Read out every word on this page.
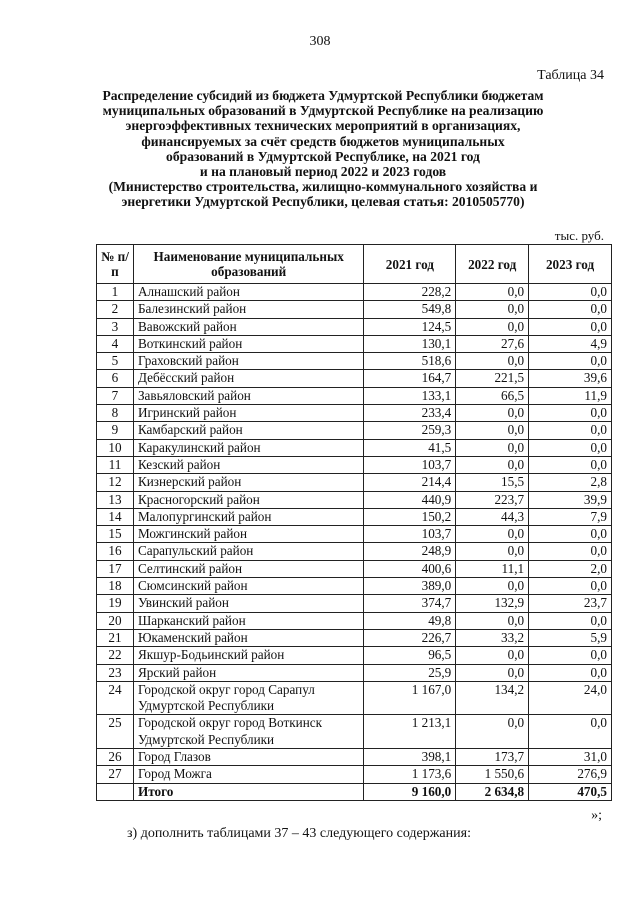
308
Таблица 34
Распределение субсидий из бюджета Удмуртской Республики бюджетам
муниципальных образований в Удмуртской Республике на реализацию
энергоэффективных технических мероприятий в организациях,
финансируемых за счёт средств бюджетов муниципальных
образований в Удмуртской Республике, на 2021 год
и на плановый период 2022 и 2023 годов
(Министерство строительства, жилищно-коммунального хозяйства и
энергетики Удмуртской Республики, целевая статья: 2010505770)
тыс. руб.
№ п/п	Наименование муниципальных образований	2021 год	2022 год	2023 год
1	Алнашский район	228,2	0,0	0,0
2	Балезинский район	549,8	0,0	0,0
3	Вавожский район	124,5	0,0	0,0
4	Воткинский район	130,1	27,6	4,9
5	Граховский район	518,6	0,0	0,0
6	Дебёсский район	164,7	221,5	39,6
7	Завьяловский район	133,1	66,5	11,9
8	Игринский район	233,4	0,0	0,0
9	Камбарский район	259,3	0,0	0,0
10	Каракулинский район	41,5	0,0	0,0
11	Кезский район	103,7	0,0	0,0
12	Кизнерский район	214,4	15,5	2,8
13	Красногорский район	440,9	223,7	39,9
14	Малопургинский район	150,2	44,3	7,9
15	Можгинский район	103,7	0,0	0,0
16	Сарапульский район	248,9	0,0	0,0
17	Селтинский район	400,6	11,1	2,0
18	Сюмсинский район	389,0	0,0	0,0
19	Увинский район	374,7	132,9	23,7
20	Шарканский район	49,8	0,0	0,0
21	Юкаменский район	226,7	33,2	5,9
22	Якшур-Бодьинский район	96,5	0,0	0,0
23	Ярский район	25,9	0,0	0,0
24	Городской округ город Сарапул Удмуртской Республики	1 167,0	134,2	24,0
25	Городской округ город Воткинск Удмуртской Республики	1 213,1	0,0	0,0
26	Город Глазов	398,1	173,7	31,0
27	Город Можга	1 173,6	1 550,6	276,9
	Итого	9 160,0	2 634,8	470,5
»;
з) дополнить таблицами 37 – 43 следующего содержания:
